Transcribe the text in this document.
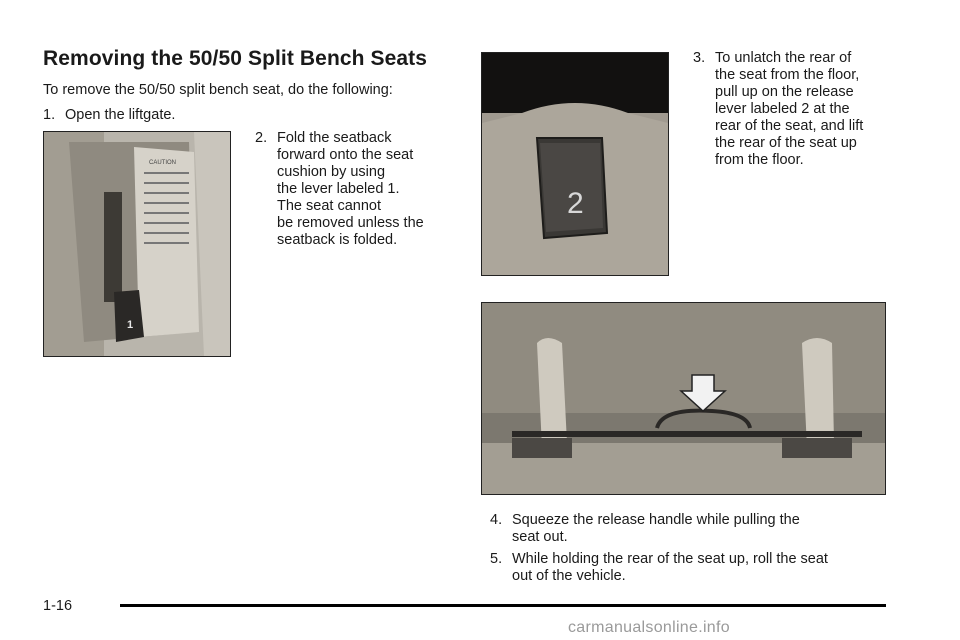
Removing the 50/50 Split Bench Seats
To remove the 50/50 split bench seat, do the following:
1. Open the liftgate.
1
CAUTION
2. Fold the seatback
forward onto the seat
cushion by using
the lever labeled 1.
The seat cannot
be removed unless the
seatback is folded.
2
3. To unlatch the rear of
the seat from the floor,
pull up on the release
lever labeled 2 at the
rear of the seat, and lift
the rear of the seat up
from the floor.
4. Squeeze the release handle while pulling the
seat out.
5. While holding the rear of the seat up, roll the seat
out of the vehicle.
1-16
carmanualsonline.info
